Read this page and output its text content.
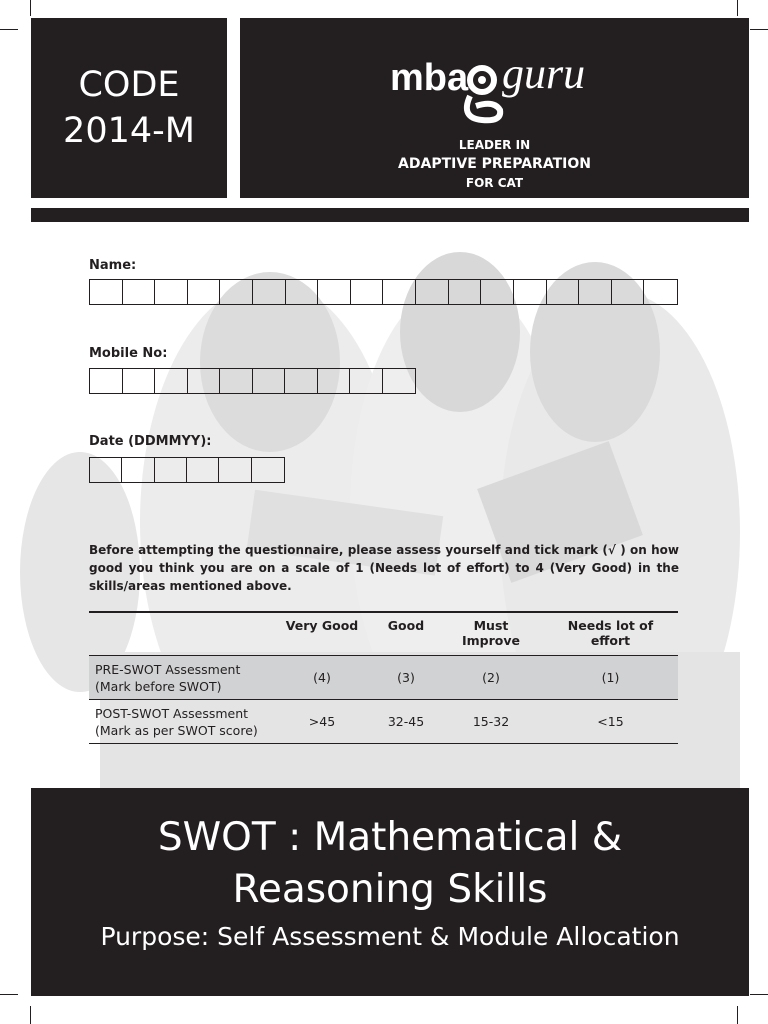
CODE
2014-M
mba guru
LEADER IN
ADAPTIVE PREPARATION
FOR CAT
Name:
Mobile No:
Date (DDMMYY):
Before attempting the questionnaire, please assess yourself and tick mark (√ ) on how good you think you are on a scale of 1 (Needs lot of effort) to 4 (Very Good) in the skills/areas mentioned above.
	Very Good	Good	Must Improve	Needs lot of effort

PRE-SWOT Assessment
(Mark before SWOT)	(4)	(3)	(2)	(1)

POST-SWOT Assessment
(Mark as per SWOT score)	>45	32-45	15-32	<15
SWOT : Mathematical &
Reasoning Skills
Purpose: Self Assessment & Module Allocation
